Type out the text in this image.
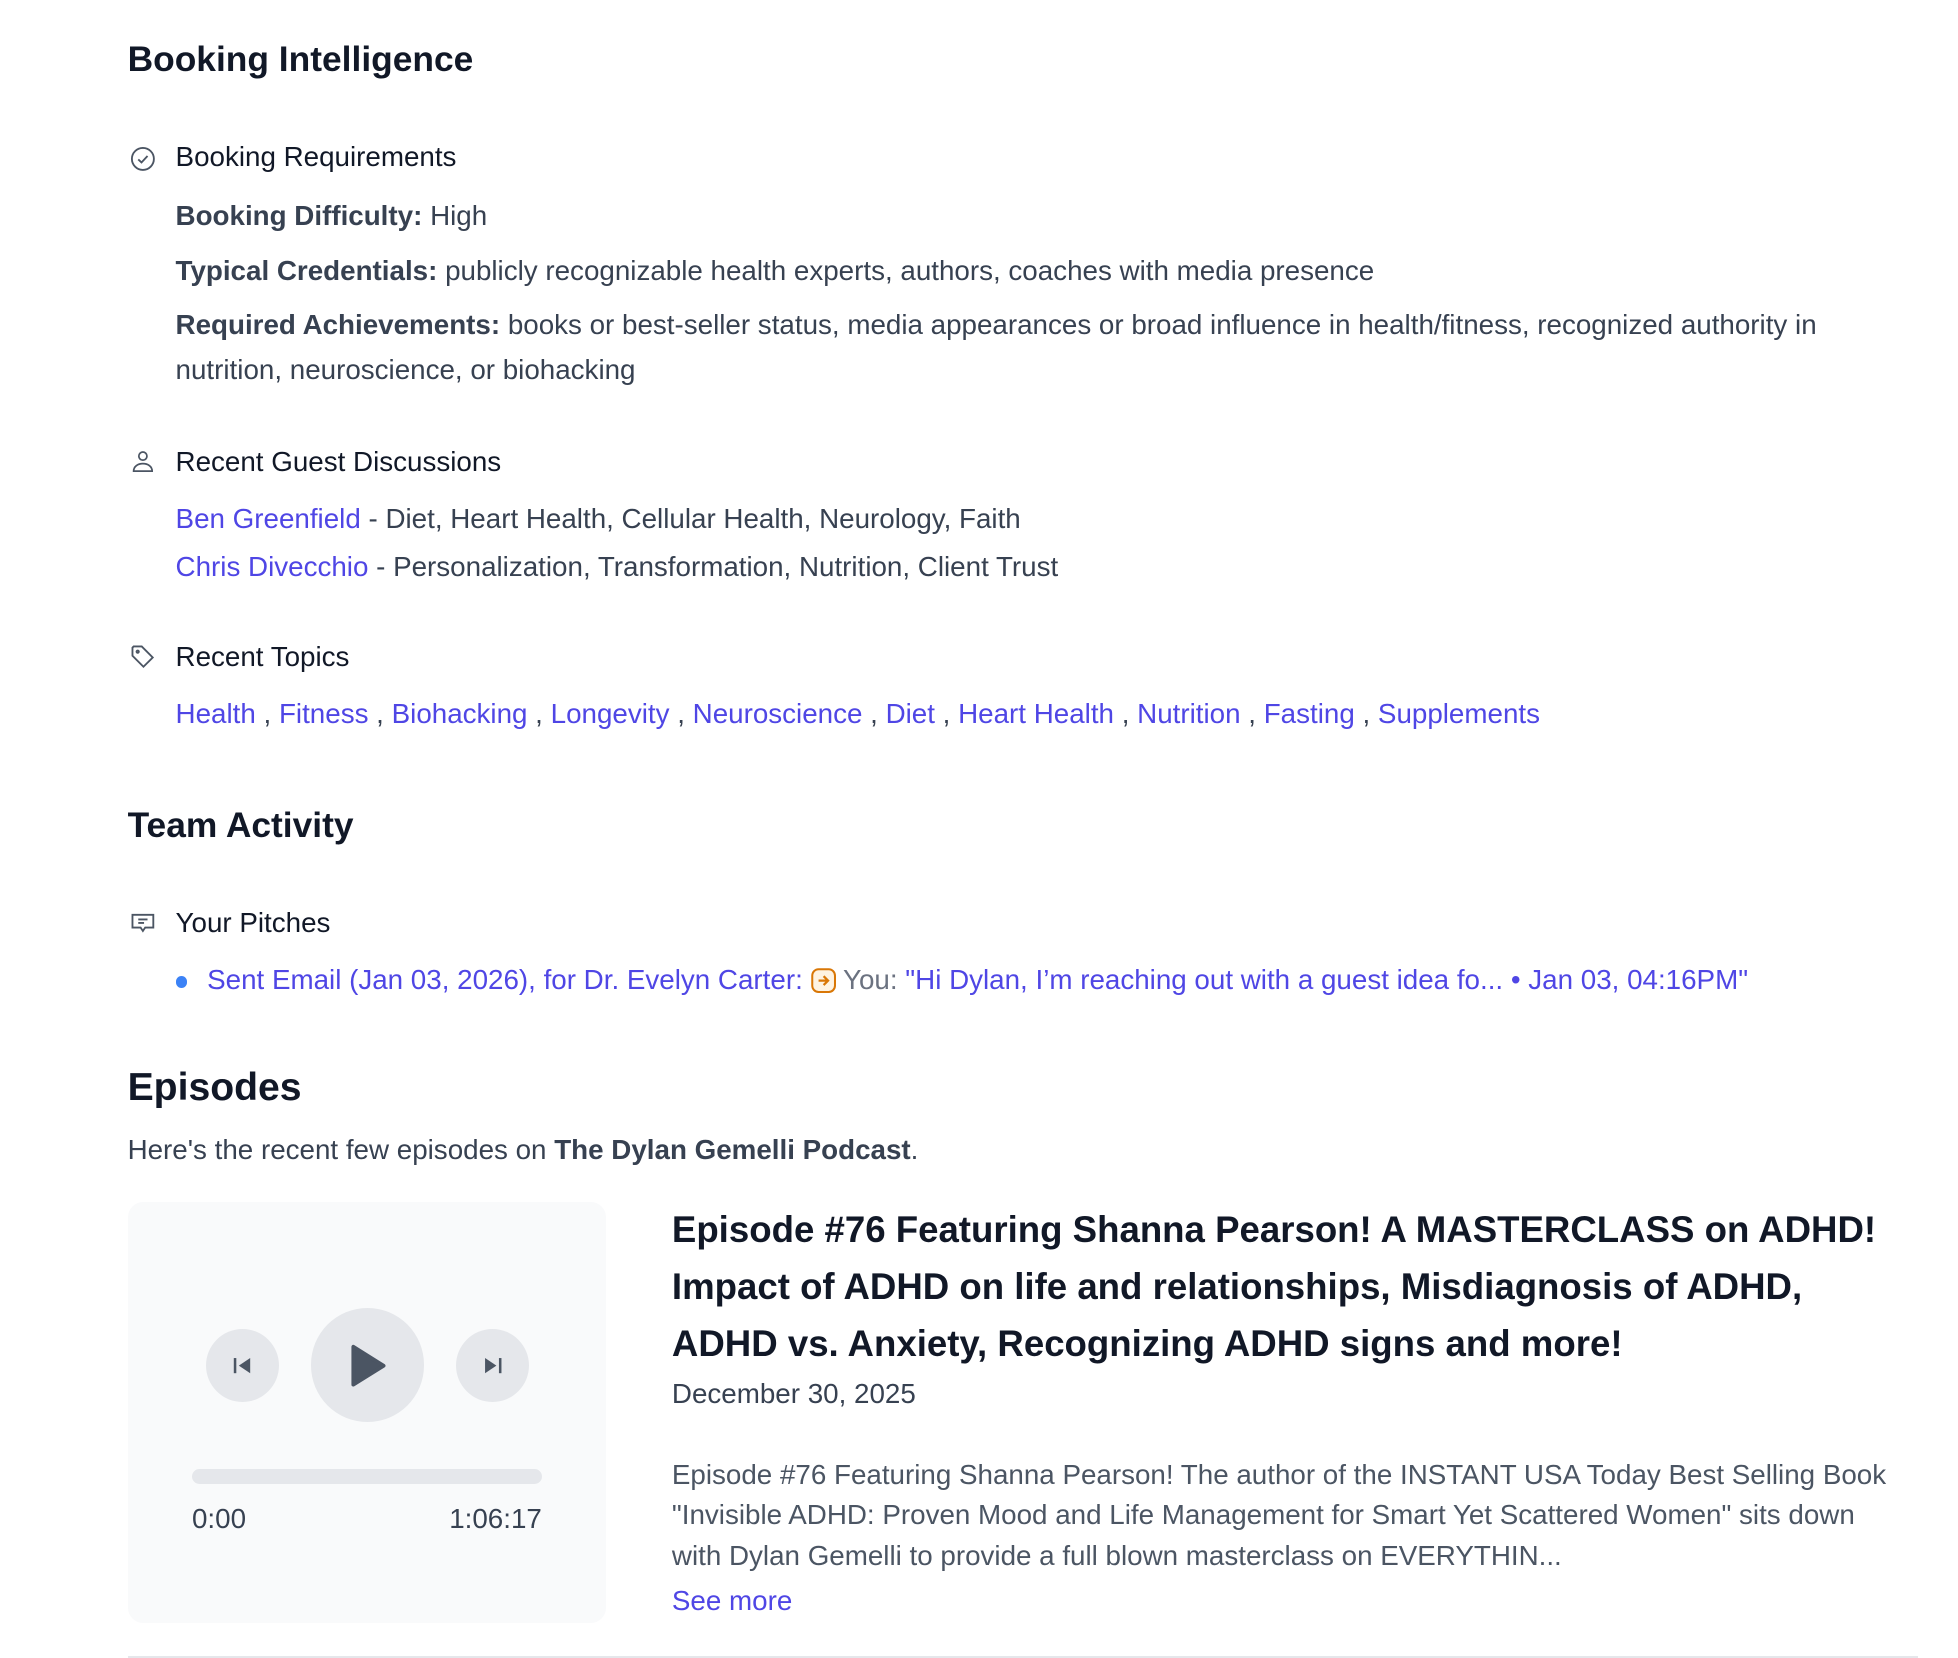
Booking Intelligence
Booking Requirements
Booking Difficulty: High
Typical Credentials: publicly recognizable health experts, authors, coaches with media presence
Required Achievements: books or best-seller status, media appearances or broad influence in health/fitness, recognized authority in nutrition, neuroscience, or biohacking
Recent Guest Discussions
Ben Greenfield - Diet, Heart Health, Cellular Health, Neurology, Faith
Chris Divecchio - Personalization, Transformation, Nutrition, Client Trust
Recent Topics
Health , Fitness , Biohacking , Longevity , Neuroscience , Diet , Heart Health , Nutrition , Fasting , Supplements
Team Activity
Your Pitches
Sent Email (Jan 03, 2026), for Dr. Evelyn Carter: You: "Hi Dylan, I’m reaching out with a guest idea fo... • Jan 03, 04:16PM"
Episodes
Here's the recent few episodes on The Dylan Gemelli Podcast.
0:00	1:06:17
Episode #76 Featuring Shanna Pearson! A MASTERCLASS on ADHD! Impact of ADHD on life and relationships, Misdiagnosis of ADHD, ADHD vs. Anxiety, Recognizing ADHD signs and more!
December 30, 2025
Episode #76 Featuring Shanna Pearson! The author of the INSTANT USA Today Best Selling Book "Invisible ADHD: Proven Mood and Life Management for Smart Yet Scattered Women" sits down with Dylan Gemelli to provide a full blown masterclass on EVERYTHIN...
See more
